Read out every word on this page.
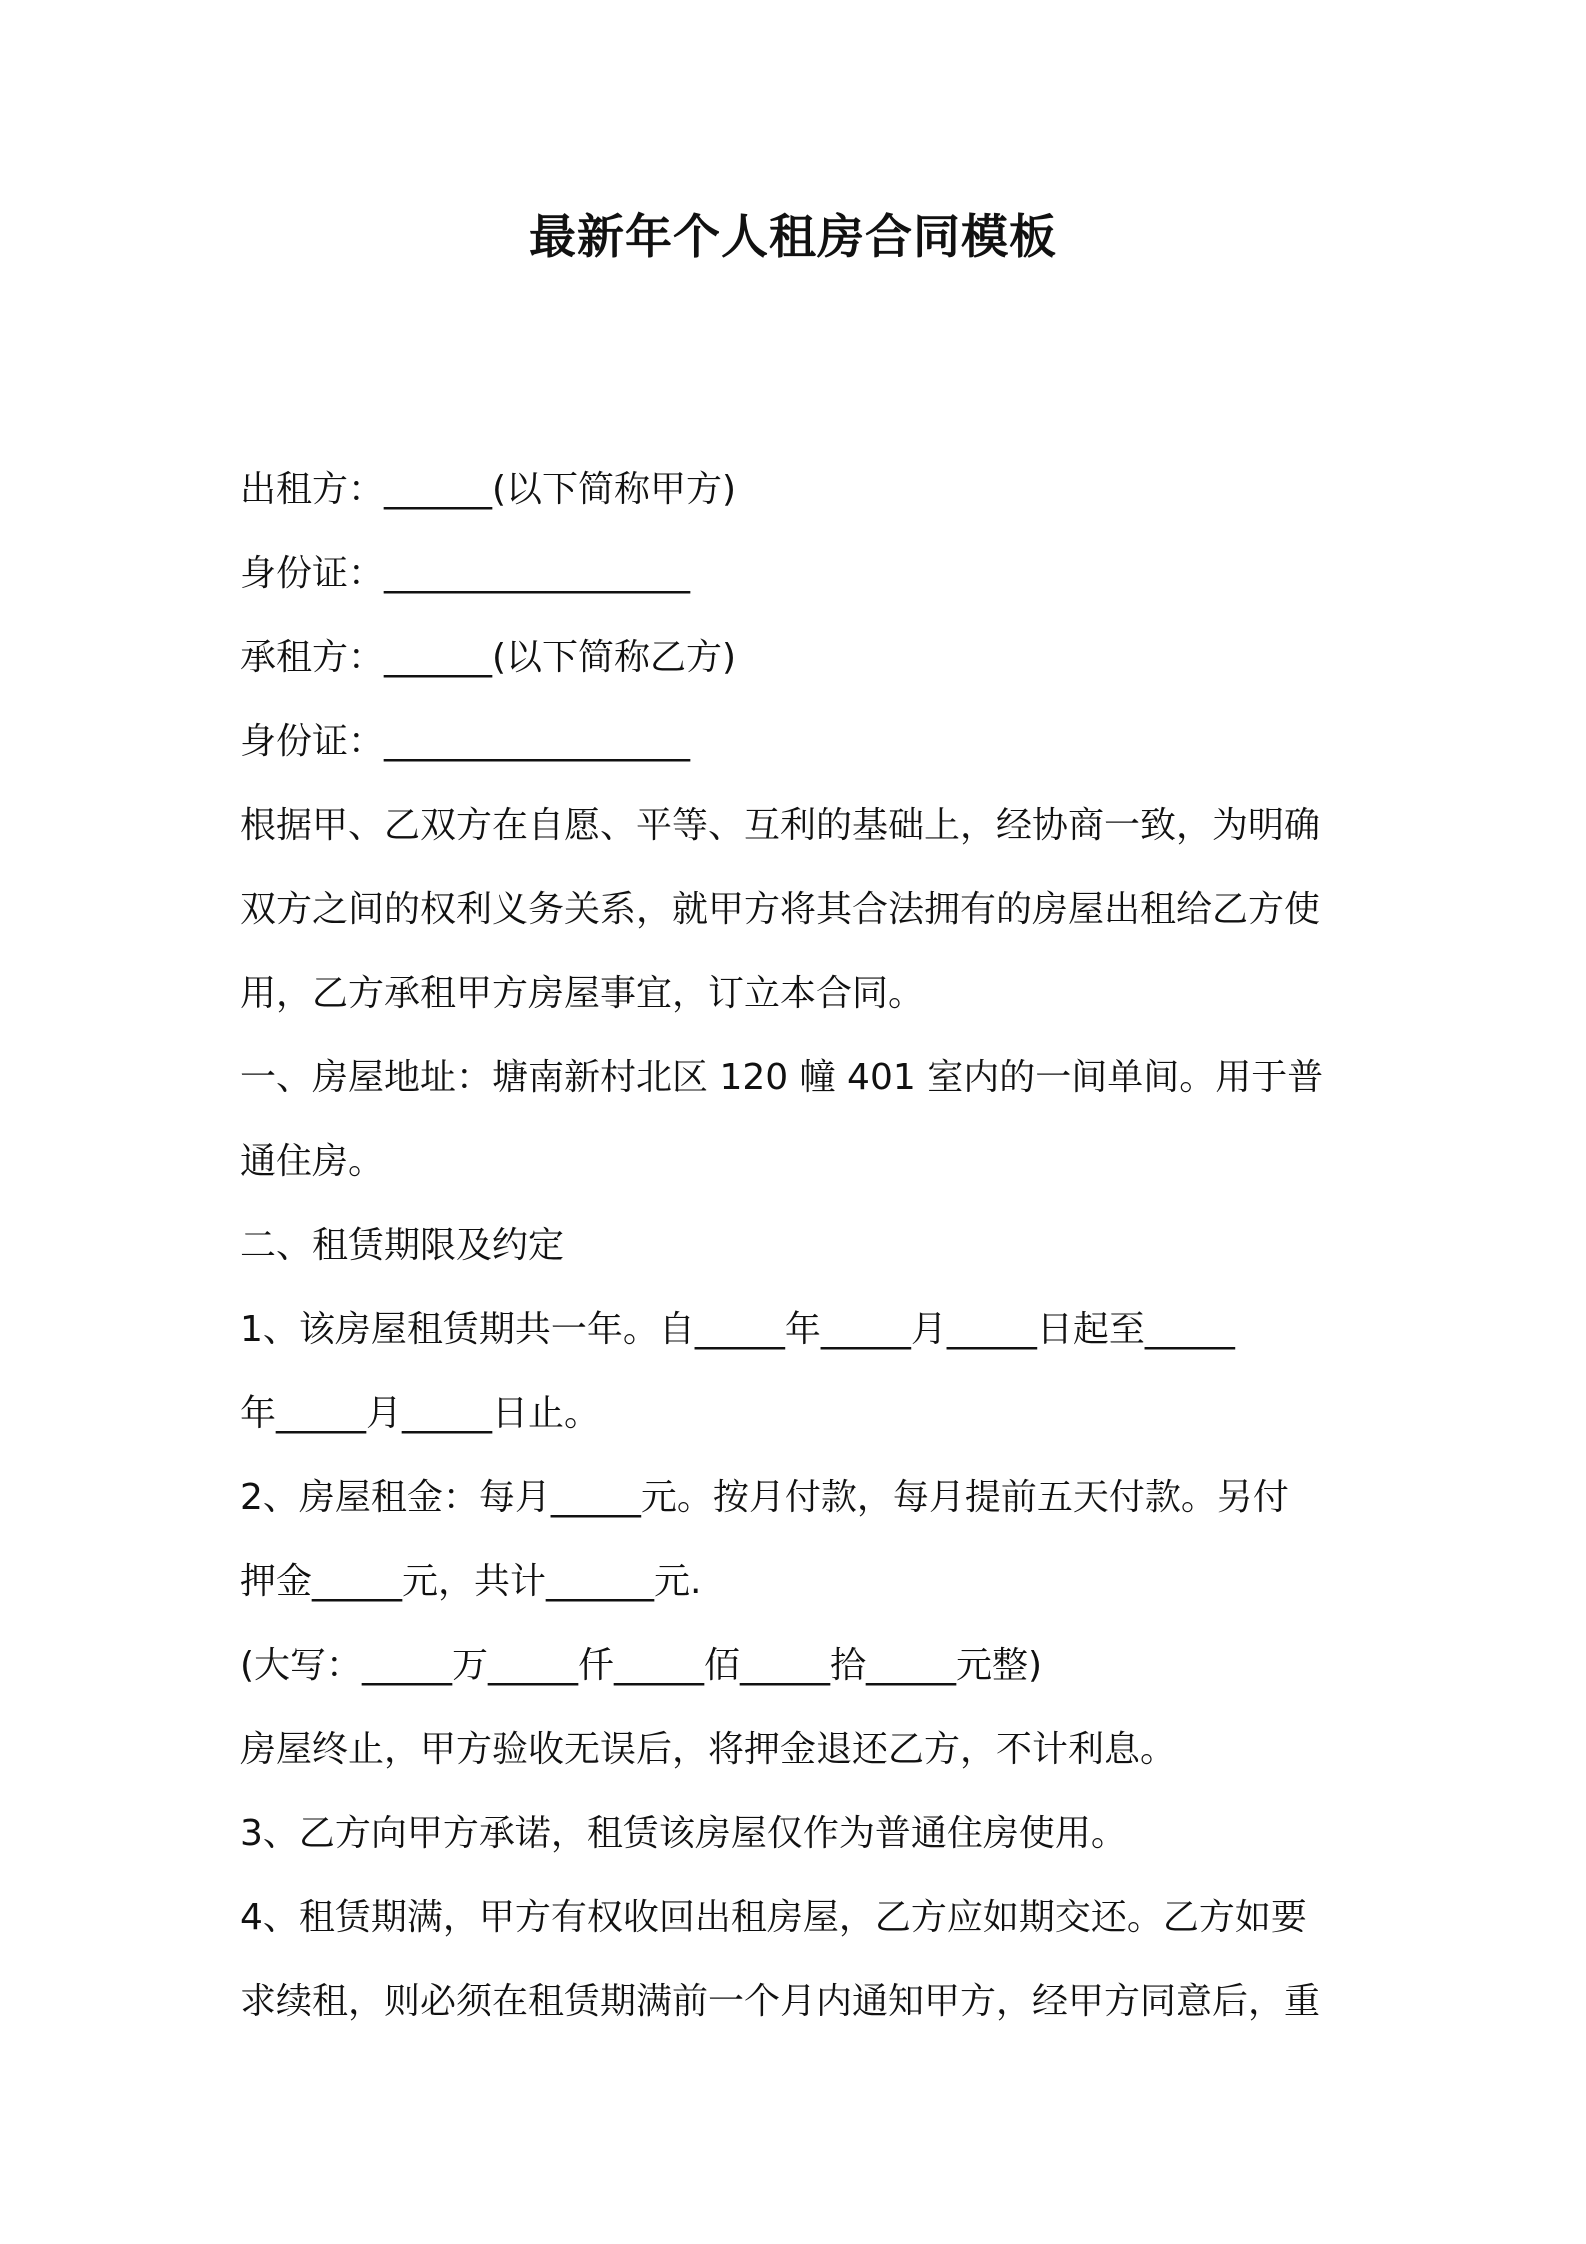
最新年个人租房合同模板
出租方：______(以下简称甲方)
身份证：_________________
承租方：______(以下简称乙方)
身份证：_________________
根据甲、乙双方在自愿、平等、互利的基础上，经协商一致，为明确
双方之间的权利义务关系，就甲方将其合法拥有的房屋出租给乙方使
用，乙方承租甲方房屋事宜，订立本合同。
一、房屋地址：塘南新村北区 120 幢 401 室内的一间单间。用于普
通住房。
二、租赁期限及约定
1、该房屋租赁期共一年。自_____年_____月_____日起至_____
年_____月_____日止。
2、房屋租金：每月_____元。按月付款，每月提前五天付款。另付
押金_____元，共计______元.
(大写：_____万_____仟_____佰_____拾_____元整)
房屋终止，甲方验收无误后，将押金退还乙方，不计利息。
3、乙方向甲方承诺，租赁该房屋仅作为普通住房使用。
4、租赁期满，甲方有权收回出租房屋，乙方应如期交还。乙方如要
求续租，则必须在租赁期满前一个月内通知甲方，经甲方同意后，重
